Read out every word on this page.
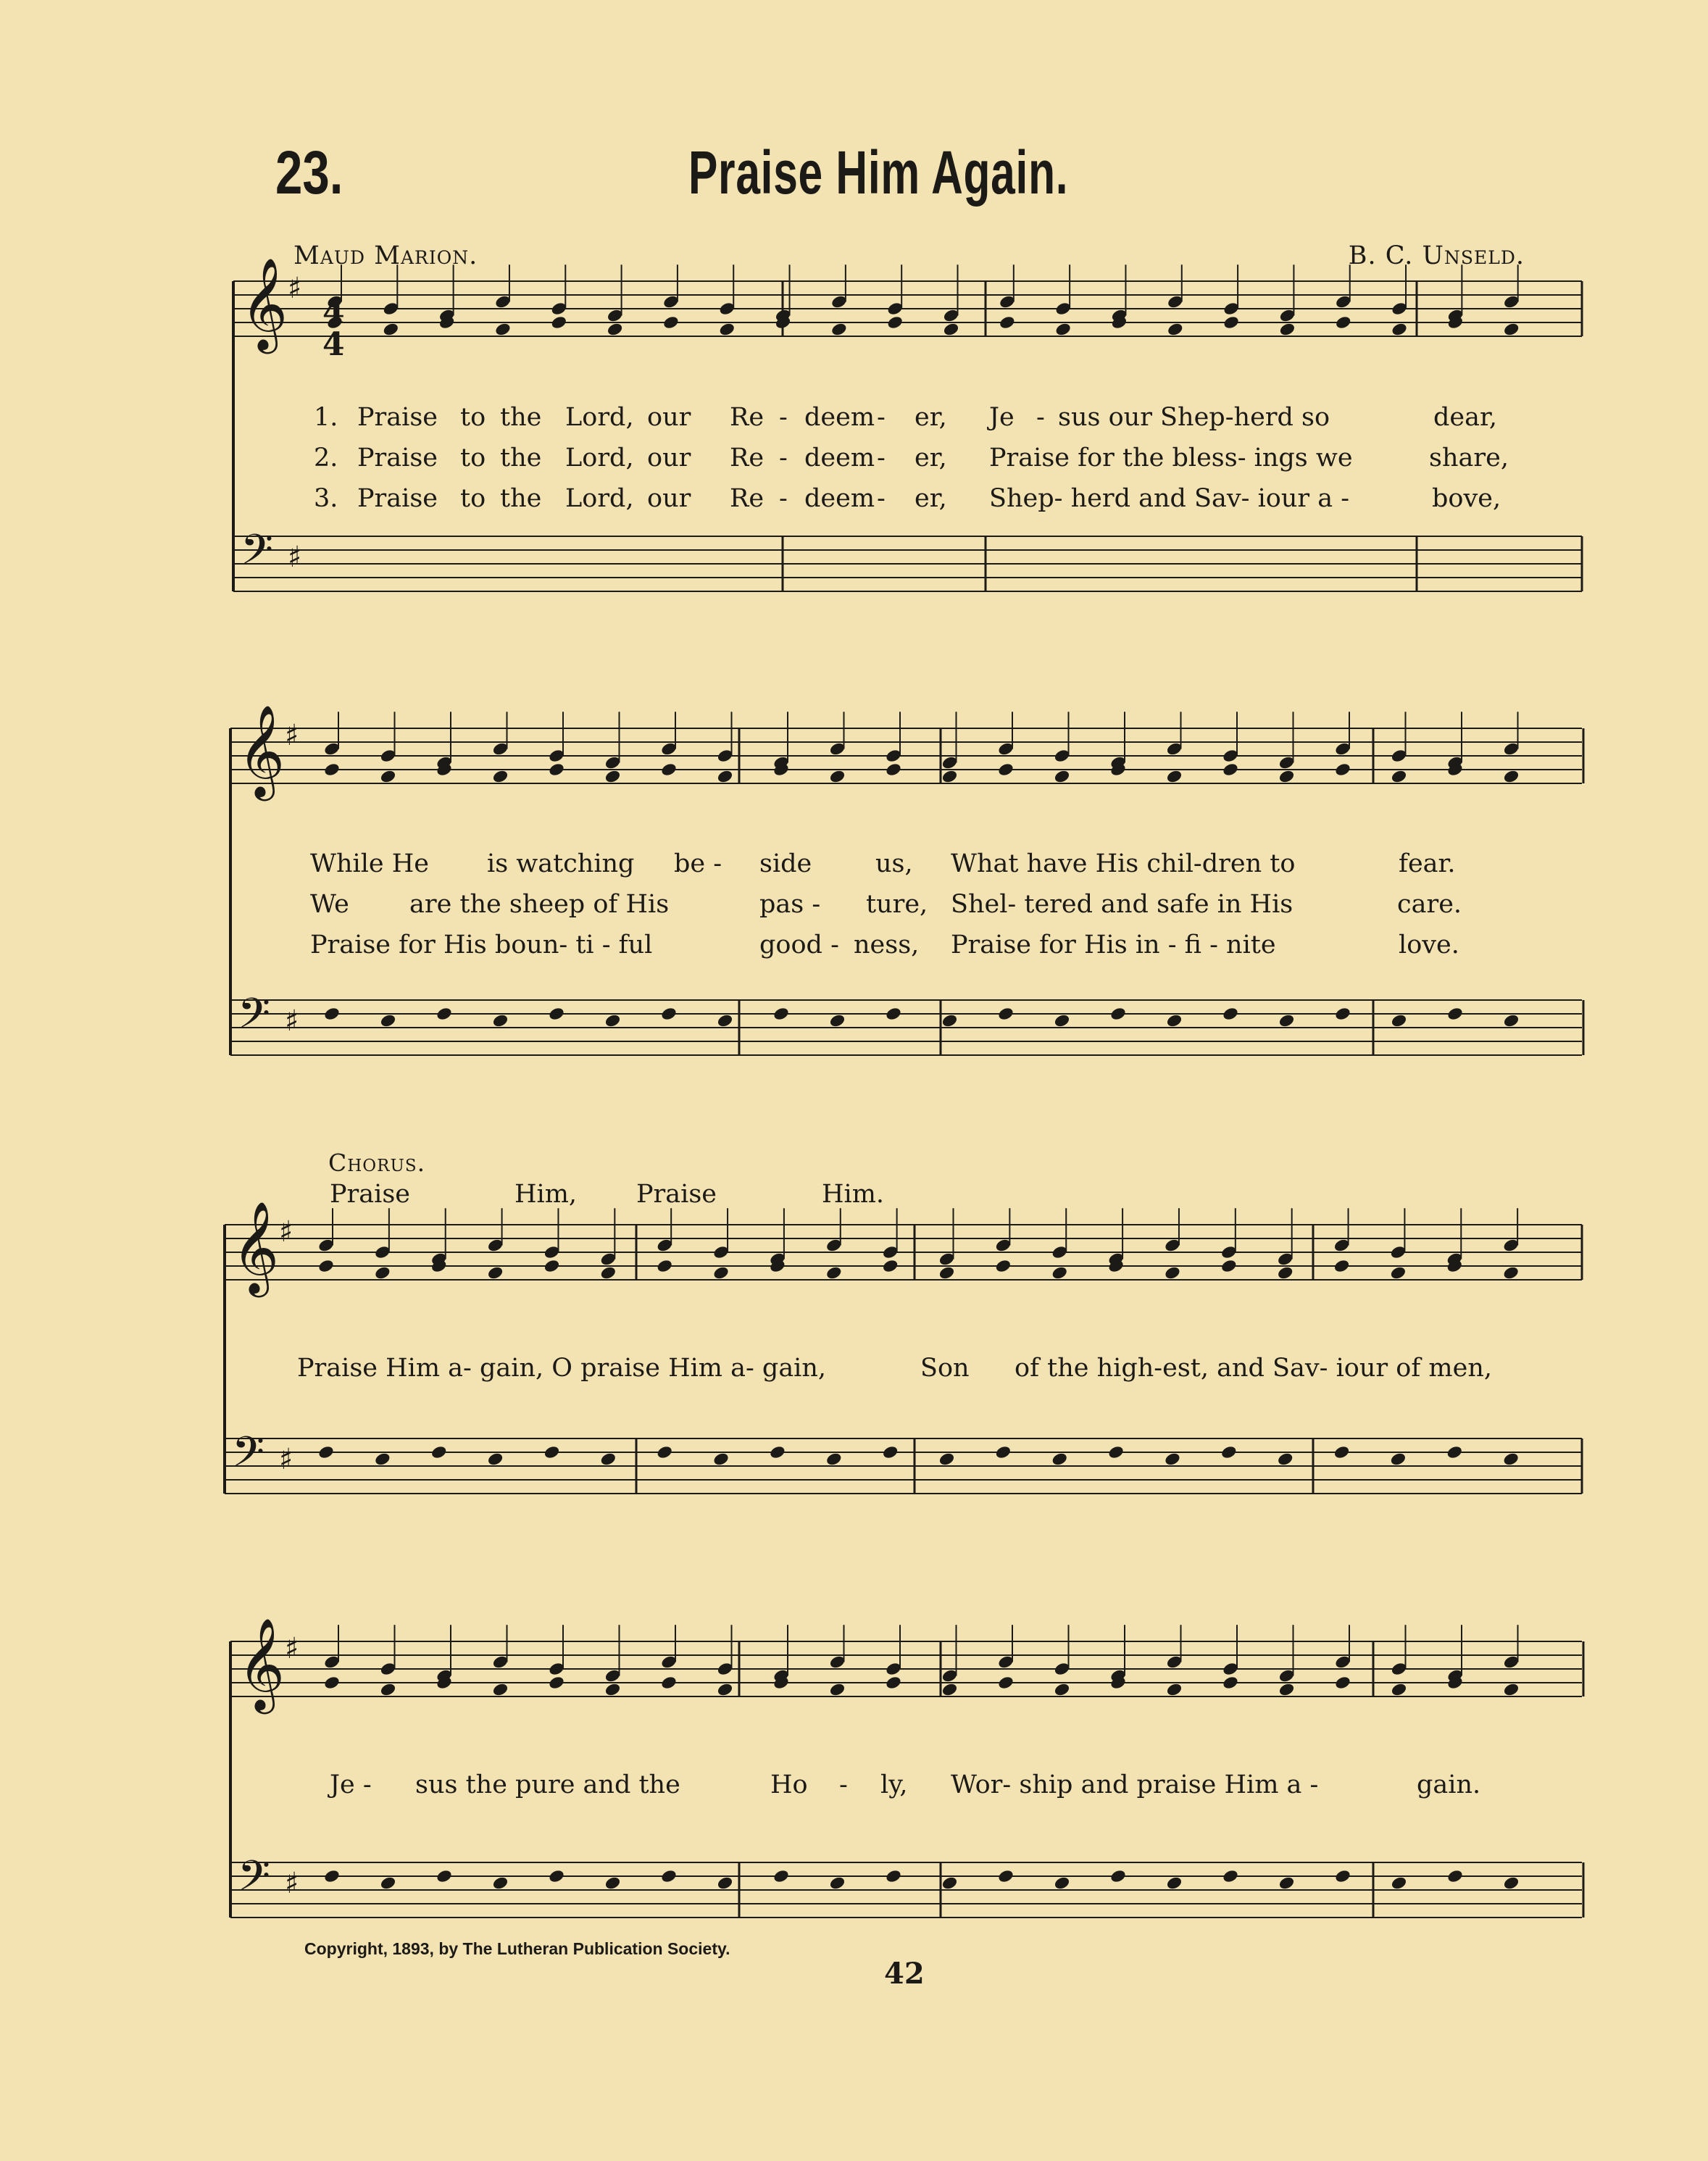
23.	Praise Him Again.
Maud Marion.	B. C. Unseld.
𝄞
𝄢
♯
♯
𝄞
𝄢
♯
♯
𝄞
𝄢
♯
♯
𝄞
𝄢
♯
♯
4
4
1. Praise to the Lord, our Re - deem - er, Je - sus our Shep-herd so	dear,
2. Praise to the Lord, our Re - deem - er, Praise for the bless- ings we	share,
3. Praise to the Lord, our Re - deem - er, Shep- herd and Sav- iour a -	bove,
While He is watching be - side	us, What have His chil-dren to	fear.
We are the sheep of His	pas - ture, Shel- tered and safe in His	care.
Praise for His boun- ti - ful	good - ness, Praise for His in - fi - nite	love.
Chorus.
Praise	Him, Praise	Him.
Praise Him a- gain, O praise Him a- gain,	Son of the high-est, and Sav- iour of men,
Je - sus the pure and the	Ho - ly, Wor- ship and praise Him a -	gain.
Copyright, 1893, by The Lutheran Publication Society.
42
